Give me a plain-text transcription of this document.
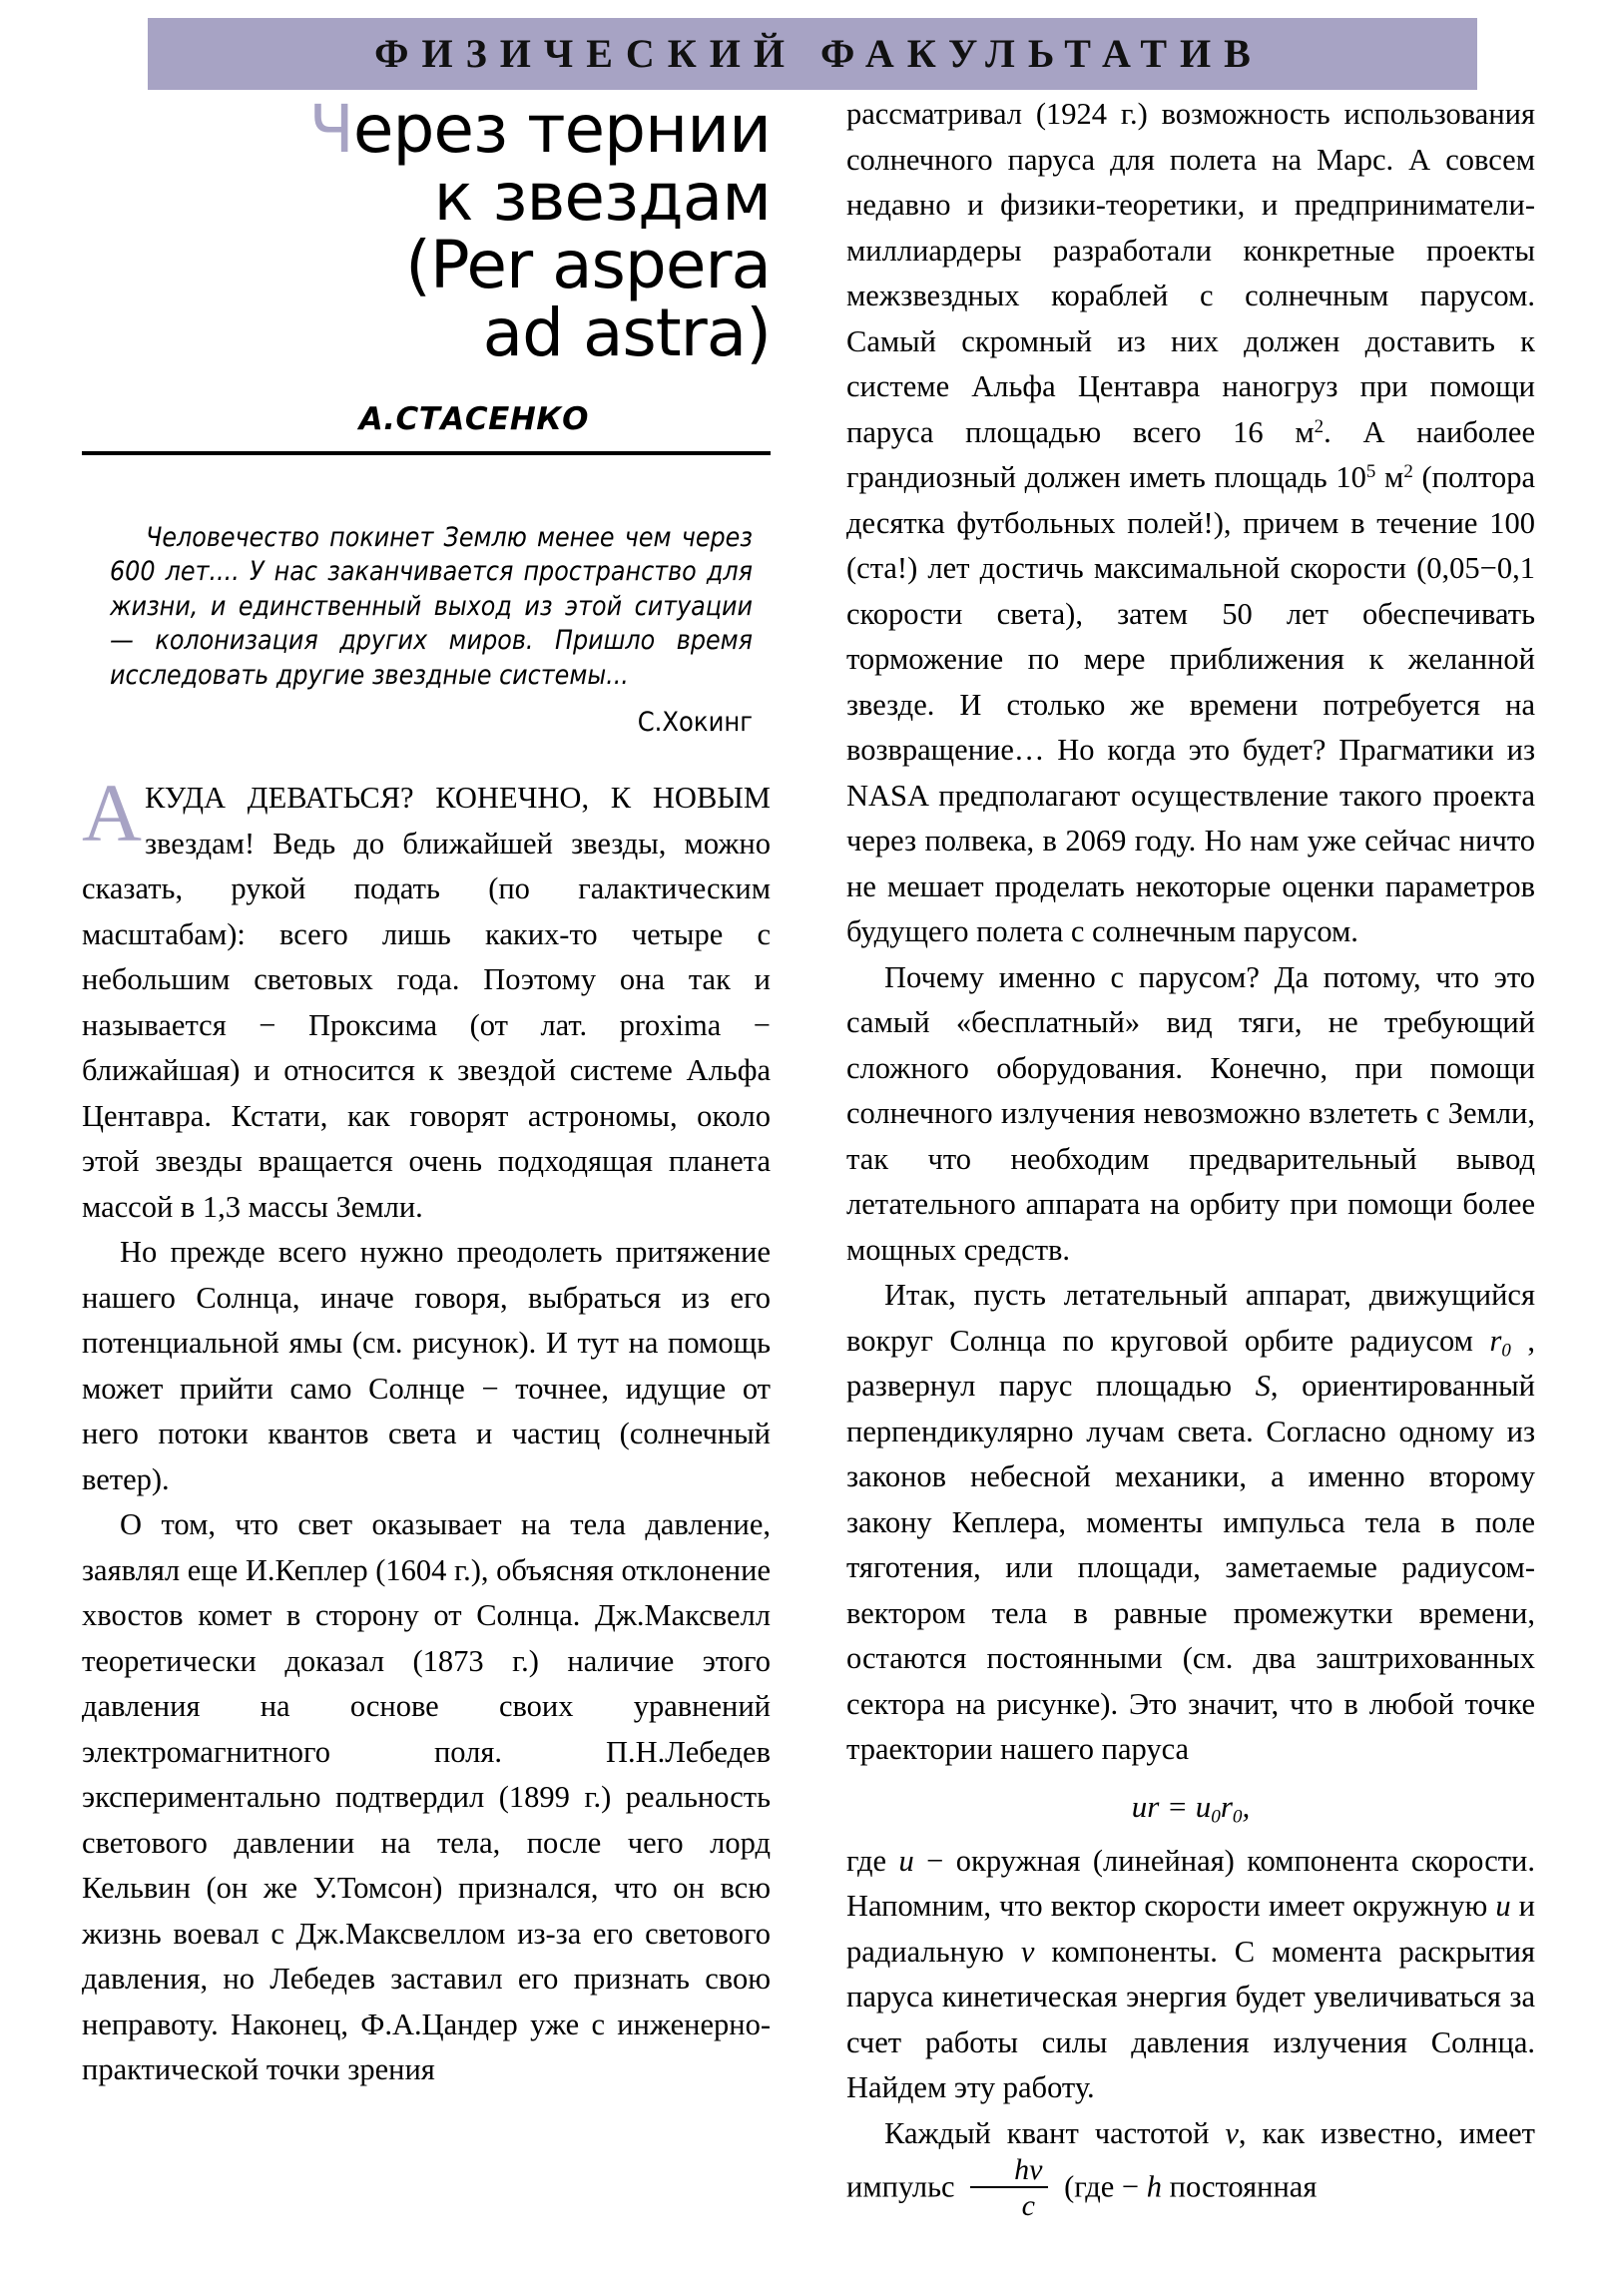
ФИЗИЧЕСКИЙ ФАКУЛЬТАТИВ
Через тернии
к звездам
(Per aspera
ad astra)
А.СТАСЕНКО

Человечество покинет Землю менее чем через 600 лет.... У нас заканчивается пространство для жизни, и единственный выход из этой ситуации — колонизация других миров. Пришло время исследовать другие звездные системы...

С.Хокинг

АКУДА ДЕВАТЬСЯ? КОНЕЧНО, К НОВЫМ звездам! Ведь до ближайшей звезды, можно сказать, рукой подать (по галактическим масштабам): всего лишь каких-то четыре с небольшим световых года. Поэтому она так и называется − Проксима (от лат. proxima − ближайшая) и относится к звездой системе Альфа Центавра. Кстати, как говорят астрономы, около этой звезды вращается очень подходящая планета массой в 1,3 массы Земли.

Но прежде всего нужно преодолеть притяжение нашего Солнца, иначе говоря, выбраться из его потенциальной ямы (см. рисунок). И тут на помощь может прийти само Солнце − точнее, идущие от него потоки квантов света и частиц (солнечный ветер).

О том, что свет оказывает на тела давление, заявлял еще И.Кеплер (1604 г.), объясняя отклонение хвостов комет в сторону от Солнца. Дж.Максвелл теоретически доказал (1873 г.) наличие этого давления на основе своих уравнений электромагнитного поля. П.Н.Лебедев экспериментально подтвердил (1899 г.) реальность светового давлении на тела, после чего лорд Кельвин (он же У.Томсон) признался, что он всю жизнь воевал с Дж.Максвеллом из-за его светового давления, но Лебедев заставил его признать свою неправоту. Наконец, Ф.А.Цандер уже с инженерно-практической точки зрения

рассматривал (1924 г.) возможность использования солнечного паруса для полета на Марс. А совсем недавно и физики-теоретики, и предприниматели-миллиардеры разработали конкретные проекты межзвездных кораблей с солнечным парусом. Самый скромный из них должен доставить к системе Альфа Центавра наногруз при помощи паруса площадью всего 16 $м^2$. А наиболее грандиозный должен иметь площадь $10^5$ $м^2$ (полтора десятка футбольных полей!), причем в течение 100 (ста!) лет достичь максимальной скорости (0,05−0,1 скорости света), затем 50 лет обеспечивать торможение по мере приближения к желанной звезде. И столько же времени потребуется на возвращение… Но когда это будет? Прагматики из NASA предполагают осуществление такого проекта через полвека, в 2069 году. Но нам уже сейчас ничто не мешает проделать некоторые оценки параметров будущего полета с солнечным парусом.

Почему именно с парусом? Да потому, что это самый «бесплатный» вид тяги, не требующий сложного оборудования. Конечно, при помощи солнечного излучения невозможно взлететь с Земли, так что необходим предварительный вывод летательного аппарата на орбиту при помощи более мощных средств.

Итак, пусть летательный аппарат, движущийся вокруг Солнца по круговой орбите радиусом $r_0$ , развернул парус площадью S, ориентированный перпендикулярно лучам света. Согласно одному из законов небесной механики, а именно второму закону Кеплера, моменты импульса тела в поле тяготения, или площади, заметаемые радиусом-вектором тела в равные промежутки времени, остаются постоянными (см. два заштрихованных сектора на рисунке). Это значит, что в любой точке траектории нашего паруса

ur = $u_0r_0$,

где u − окружная (линейная) компонента скорости. Напомним, что вектор скорости имеет окружную u и радиальную v компоненты. С момента раскрытия паруса кинетическая энергия будет увеличиваться за счет работы силы давления излучения Солнца. Найдем эту работу.

Каждый квант частотой ν, как известно, имеет импульс $\frac{h\nu}{c} (где - h$ постоянная
